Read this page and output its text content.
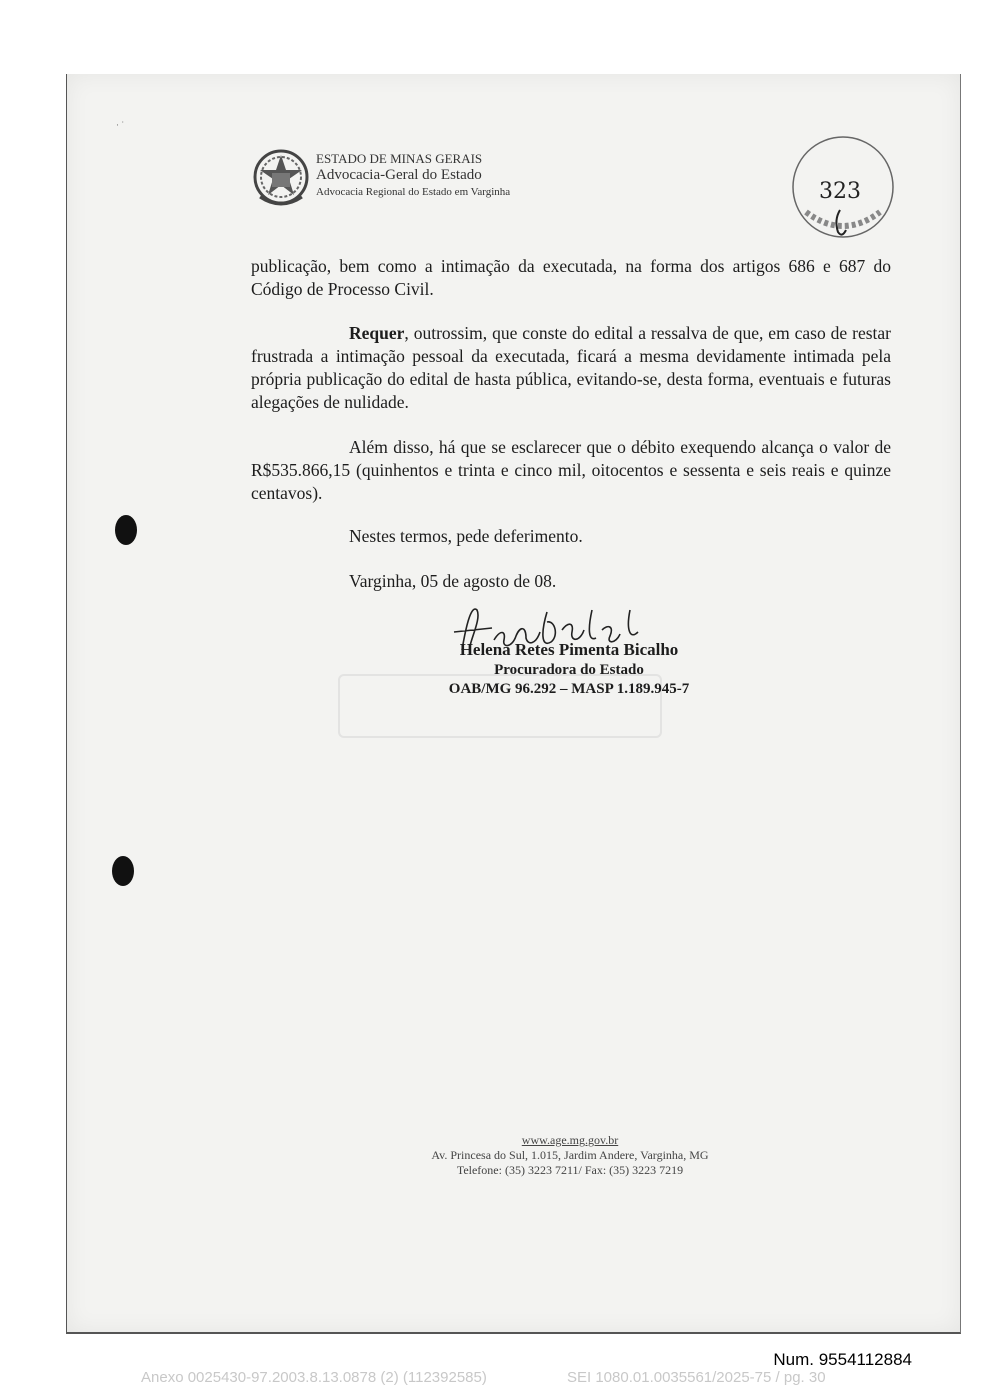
· ˙
ESTADO DE MINAS GERAIS
Advocacia-Geral do Estado
Advocacia Regional do Estado em Varginha	323
publicação, bem como a intimação da executada, na forma dos artigos 686 e 687 do Código de Processo Civil.
Requer, outrossim, que conste do edital a ressalva de que, em caso de restar frustrada a intimação pessoal da executada, ficará a mesma devidamente intimada pela própria publicação do edital de hasta pública, evitando-se, desta forma, eventuais e futuras alegações de nulidade.
Além disso, há que se esclarecer que o débito exequendo alcança o valor de R$535.866,15 (quinhentos e trinta e cinco mil, oitocentos e sessenta e seis reais e quinze centavos).
Nestes termos, pede deferimento.
Varginha, 05 de agosto de 08.
Helena Retes Pimenta Bicalho
Procuradora do Estado
OAB/MG 96.292 – MASP 1.189.945-7
www.age.mg.gov.br
Av. Princesa do Sul, 1.015, Jardim Andere, Varginha, MG
Telefone: (35) 3223 7211/ Fax: (35) 3223 7219
Num. 9554112884
Anexo 0025430-97.2003.8.13.0878 (2) (112392585)	SEI 1080.01.0035561/2025-75 / pg. 30
